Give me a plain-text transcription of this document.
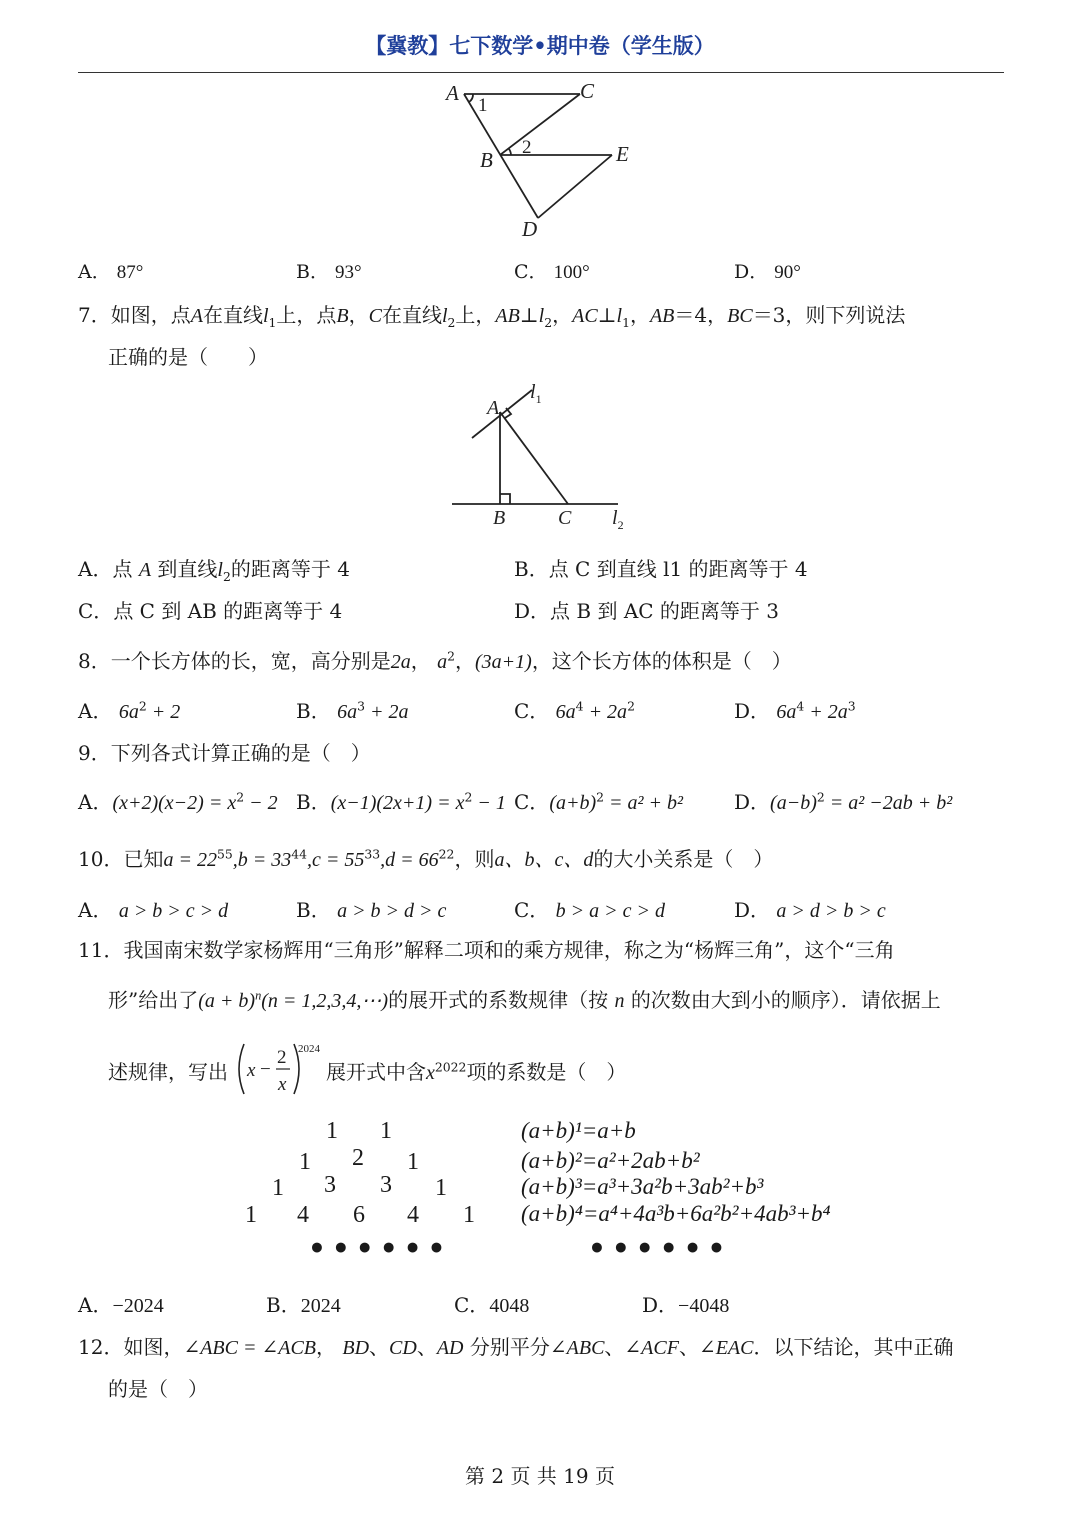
【冀教】七下数学•期中卷（学生版）
A	C
B	E
D
1
2
A． 87°	B． 93°	C． 100°	D． 90°
7．如图，点A在直线$l_1$上，点B，C在直线$l_2$上，$AB\perp l_2$，$AC\perp l_1$，AB＝4，BC＝3，则下列说法
正确的是（　　）
A
B	C
$l_1$
$l_2$
A．点 A 到直线$l_2$的距离等于 4	B．点 C 到直线 l1 的距离等于 4
C．点 C 到 AB 的距离等于 4	D．点 B 到 AC 的距离等于 3
8．一个长方体的长，宽，高分别是2a， $a^2$，(3a+1)，这个长方体的体积是（　）
A． $6a^2 + 2$	B． $6a^3 + 2a$	C． $6a^4 + 2a^2$	D． $6a^4 + 2a^3$
9．下列各式计算正确的是（　）
A．$(x+2)(x-2) = x^2 - 2$ B．$(x-1)(2x+1) = x^2 - 1$ C．$(a+b)^2 = a^2 + b^2$	D．$(a-b)^2 = a^2 -2ab + b^2$
10．已知$a = 22^{55},b = 33^{44},c = 55^{33},d = 66^{22}$，则a、b、c、d的大小关系是（　）
A． a > b > c > d	B． a > b > d > c	C． b > a > c > d	D． a > d > b > c
11．我国南宋数学家杨辉用“三角形”解释二项和的乘方规律，称之为“杨辉三角”，这个“三角
形”给出了$(a + b)^n(n$ = 1,2,3,4,⋯)的展开式的系数规律（按 n 的次数由大到小的顺序）．请依据上
述规律，写出 x −
2
x
2024
展开式中含$x^{2022}$项的系数是（　）
1 1
1 2 1
1 3 3 1
1 4 6 4 1
••••••
(a+b)¹=a+b
(a+b)²=a²+2ab+b²
(a+b)³=a³+3a²b+3ab²+b³
(a+b)⁴=a⁴+4a³b+6a²b²+4ab³+b⁴
••••••
A．−2024	B．2024	C．4048	D．−4048
12．如图，∠ABC = ∠ACB， BD、CD、AD 分别平分∠ABC、∠ACF、∠EAC．以下结论，其中正确
的是（　）
第 2 页 共 19 页
